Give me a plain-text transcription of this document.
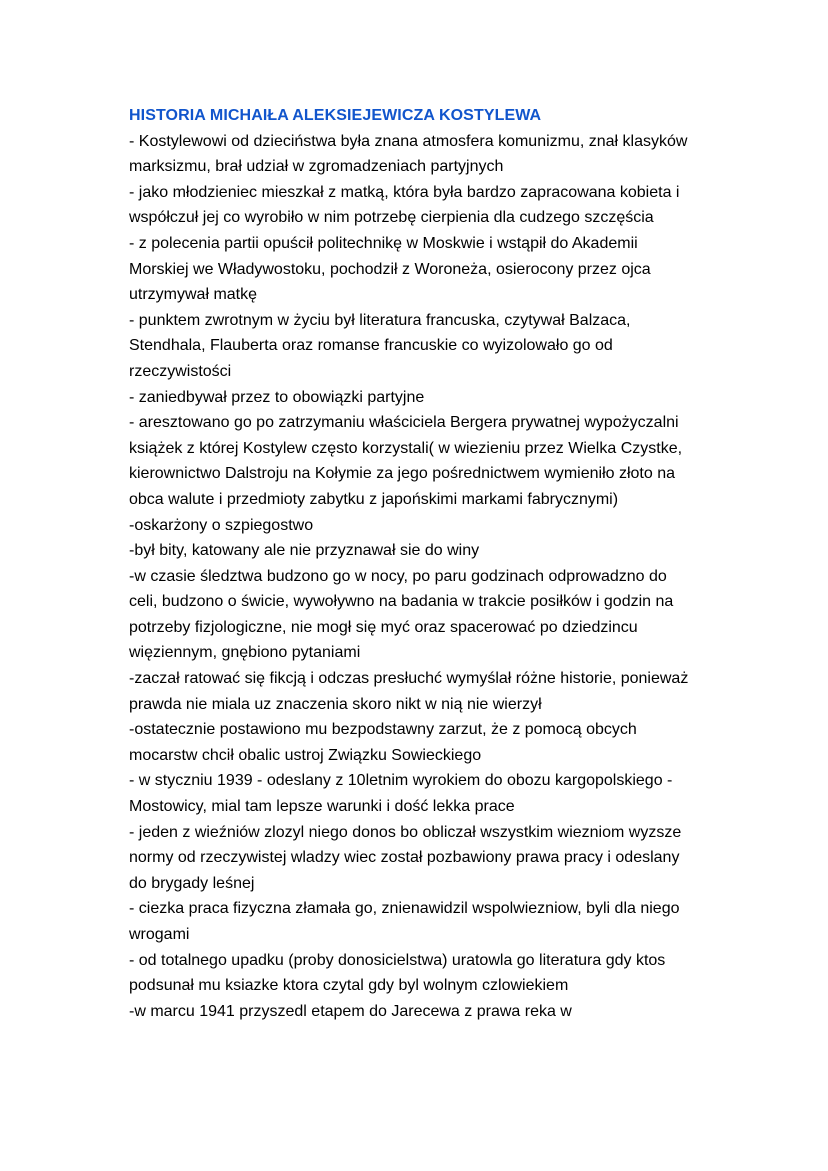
HISTORIA MICHAIŁA ALEKSIEJEWICZA KOSTYLEWA

- Kostylewowi od dzieciństwa była znana atmosfera komunizmu, znał klasyków marksizmu, brał udział w zgromadzeniach partyjnych

- jako młodzieniec mieszkał z matką, która była bardzo zapracowana kobieta i współczuł jej co wyrobiło w nim potrzebę cierpienia dla cudzego szczęścia

- z polecenia partii opuścił politechnikę w Moskwie i wstąpił do Akademii Morskiej we Władywostoku, pochodził z Woroneża, osierocony przez ojca utrzymywał matkę

- punktem zwrotnym w życiu był literatura francuska, czytywał Balzaca, Stendhala, Flauberta oraz romanse francuskie co wyizolowało go od rzeczywistości

- zaniedbywał przez to obowiązki partyjne

- aresztowano go po zatrzymaniu właściciela Bergera prywatnej wypożyczalni książek z której Kostylew często korzystali( w wiezieniu przez Wielka Czystke, kierownictwo Dalstroju na Kołymie za jego pośrednictwem wymieniło złoto na obca walute i przedmioty zabytku z japońskimi markami fabrycznymi)

-oskarżony o szpiegostwo

-był bity, katowany ale nie przyznawał sie do winy

-w czasie śledztwa budzono go w nocy, po paru godzinach odprowadzno do celi, budzono o świcie, wywoływno na badania w trakcie posiłków i godzin na potrzeby fizjologiczne, nie mogł się myć oraz spacerować po dziedzincu więziennym, gnębiono pytaniami

-zaczał ratować się fikcją i odczas presłuchć wymyślał różne historie, ponieważ prawda nie miala uz znaczenia skoro nikt w nią nie wierzył

-ostatecznie postawiono mu bezpodstawny zarzut, że z pomocą obcych mocarstw chcił obalic ustroj Związku Sowieckiego

- w styczniu 1939 - odeslany z 10letnim wyrokiem do obozu kargopolskiego - Mostowicy, mial tam lepsze warunki i dość lekka prace

- jeden z wieźniów zlozyl niego donos bo obliczał wszystkim wiezniom wyzsze normy od rzeczywistej wladzy wiec został pozbawiony prawa pracy i odeslany do brygady leśnej

- ciezka praca fizyczna złamała go, znienawidzil wspolwiezniow, byli dla niego wrogami

- od totalnego upadku (proby donosicielstwa) uratowla go literatura gdy ktos podsunał mu ksiazke ktora czytal gdy byl wolnym czlowiekiem

-w marcu 1941 przyszedl etapem do Jarecewa z prawa reka w
